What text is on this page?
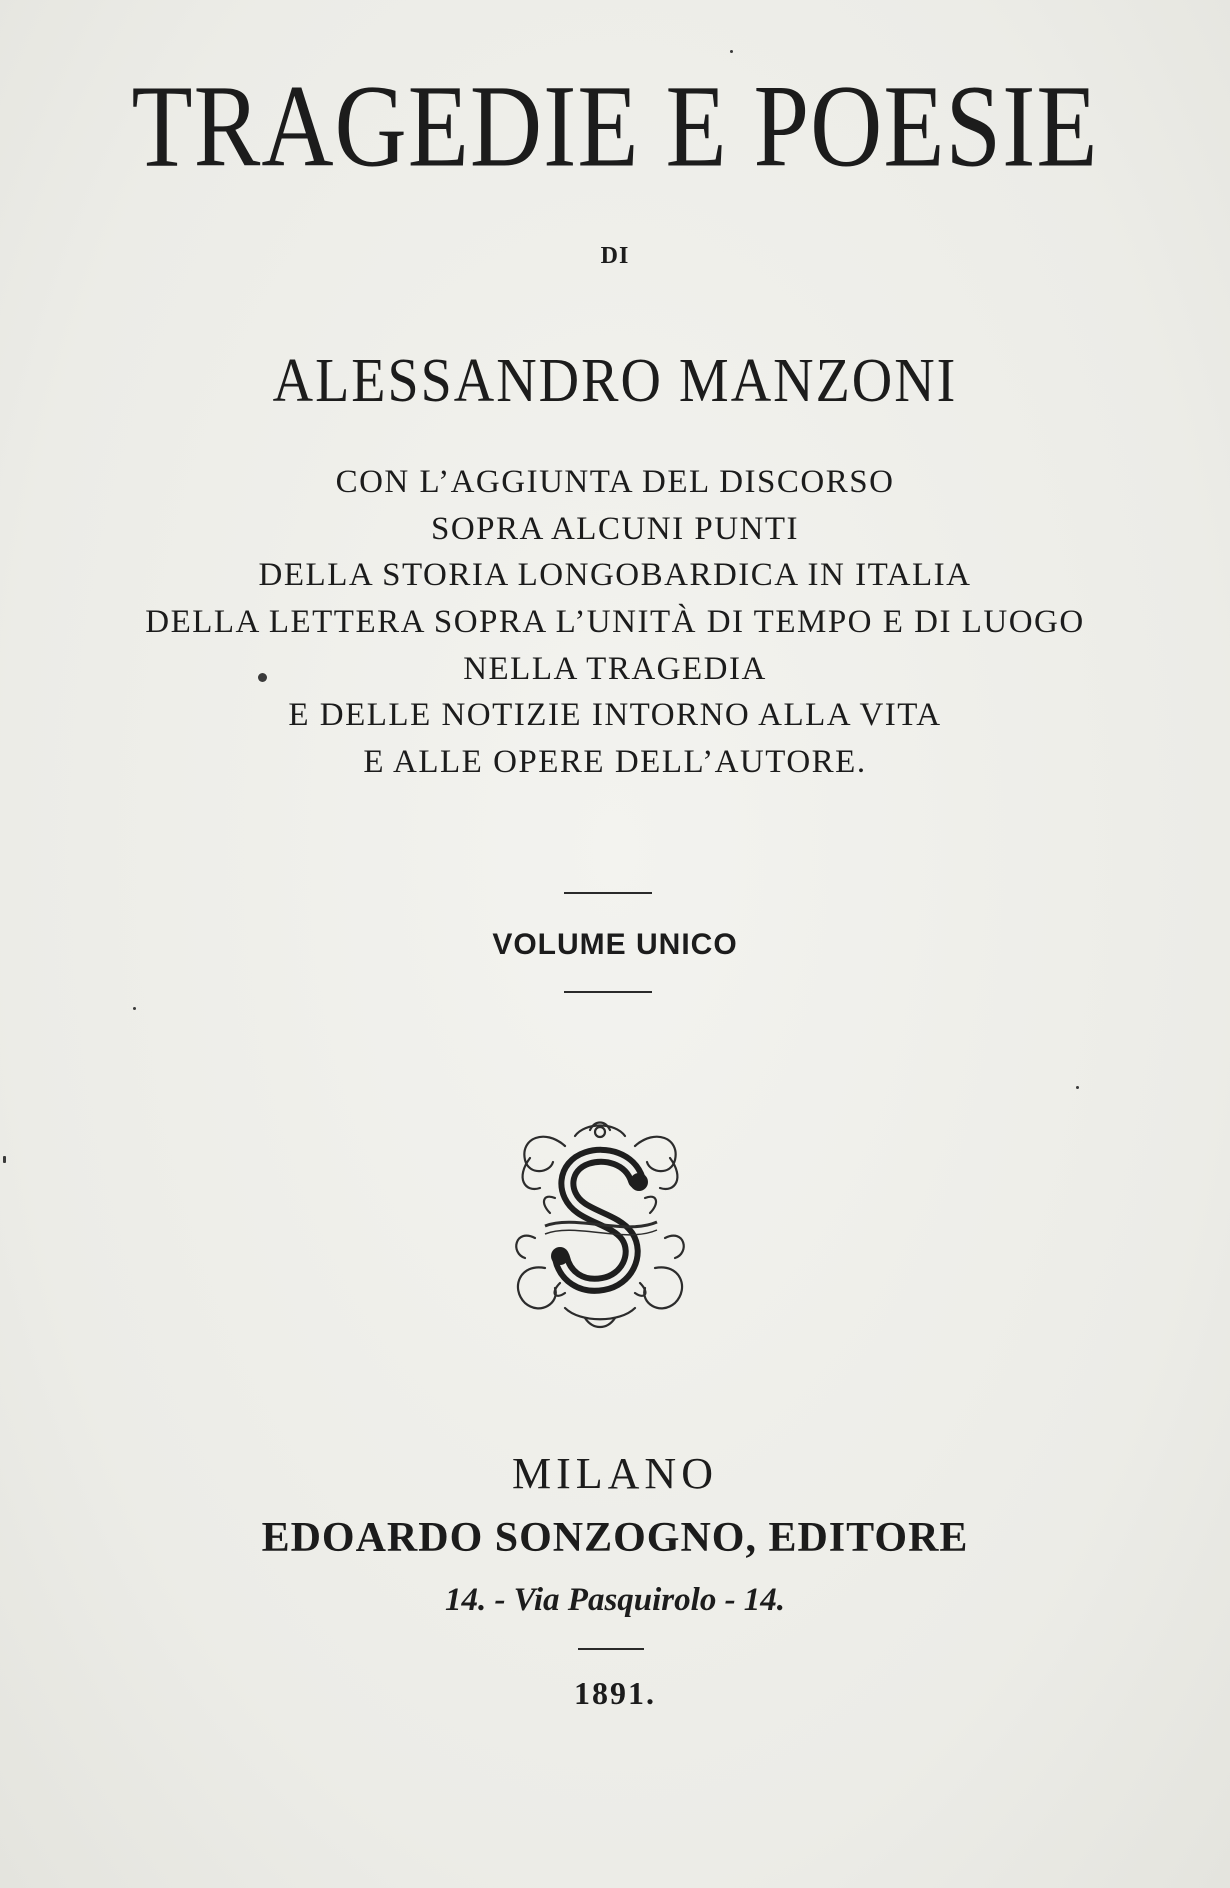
TRAGEDIE E POESIE
DI
ALESSANDRO MANZONI
CON L’AGGIUNTA DEL DISCORSO
SOPRA ALCUNI PUNTI
DELLA STORIA LONGOBARDICA IN ITALIA
DELLA LETTERA SOPRA L’UNITÀ DI TEMPO E DI LUOGO
NELLA TRAGEDIA
E DELLE NOTIZIE INTORNO ALLA VITA
E ALLE OPERE DELL’AUTORE.
VOLUME UNICO
MILANO
EDOARDO SONZOGNO, EDITORE
14. - Via Pasquirolo - 14.
1891.
